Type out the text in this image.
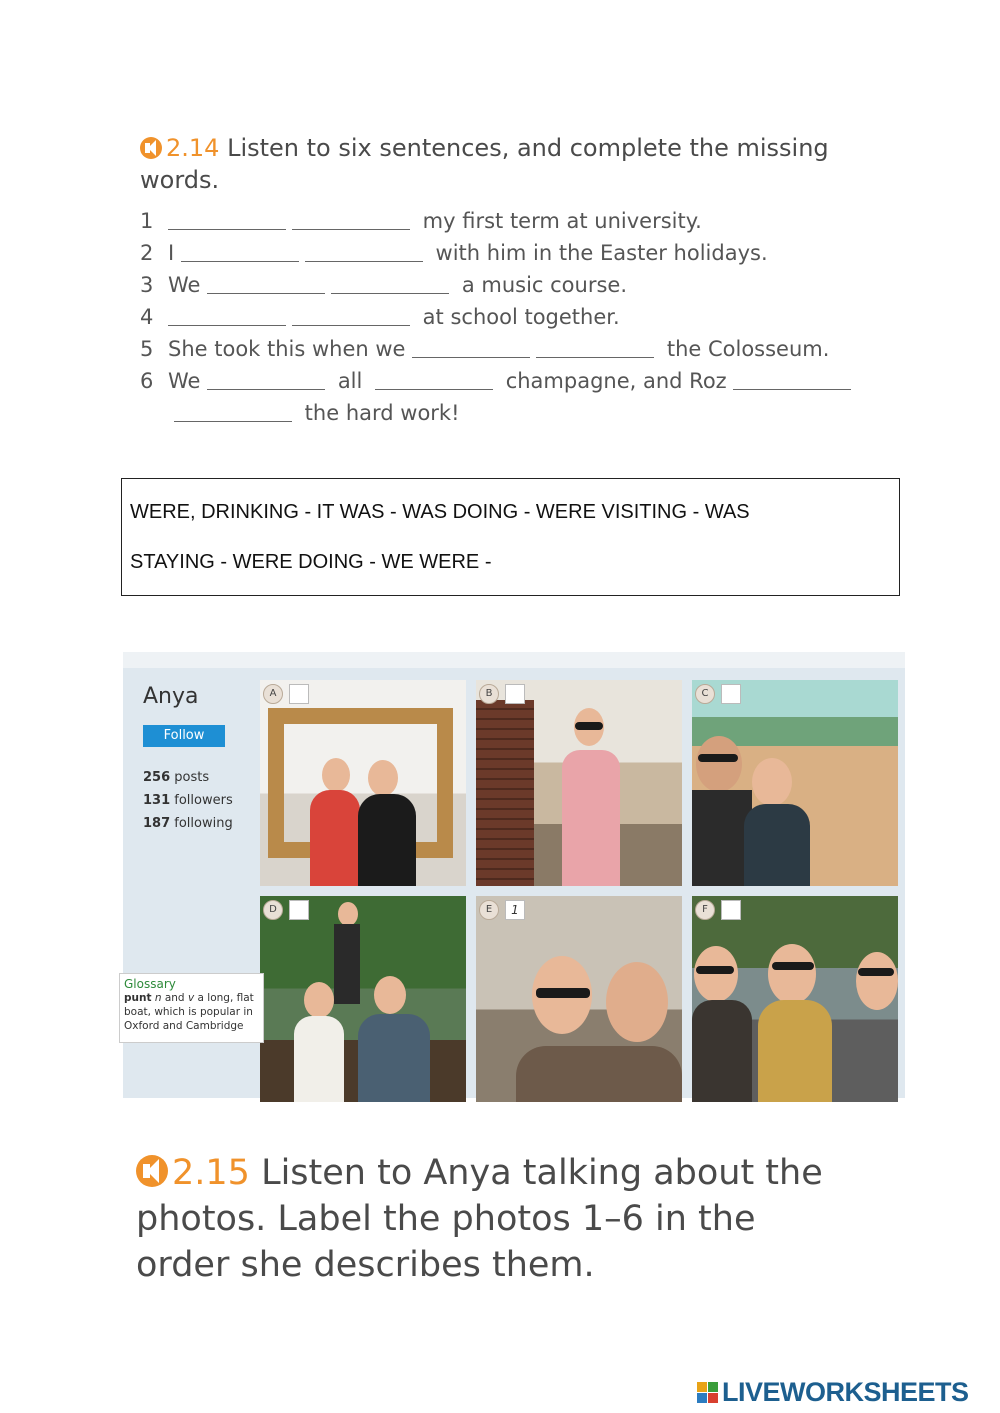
2.14 Listen to six sentences, and complete the missing words.
1	my first term at university.
2 I	with him in the Easter holidays.
3 We	a music course.
4	at school together.
5 She took this when we	the Colosseum.
6 We	all	champagne, and Roz
the hard work!
WERE, DRINKING - IT WAS - WAS DOING - WERE VISITING - WAS
STAYING - WERE DOING - WE WERE -
Anya
Follow
256 posts
131 followers
187 following
A	B	C
D	E	1	F
Glossary
punt n and v a long, flat boat, which is popular in Oxford and Cambridge
2.15 Listen to Anya talking about the photos. Label the photos 1–6 in the order she describes them.
LIVEWORKSHEETS
